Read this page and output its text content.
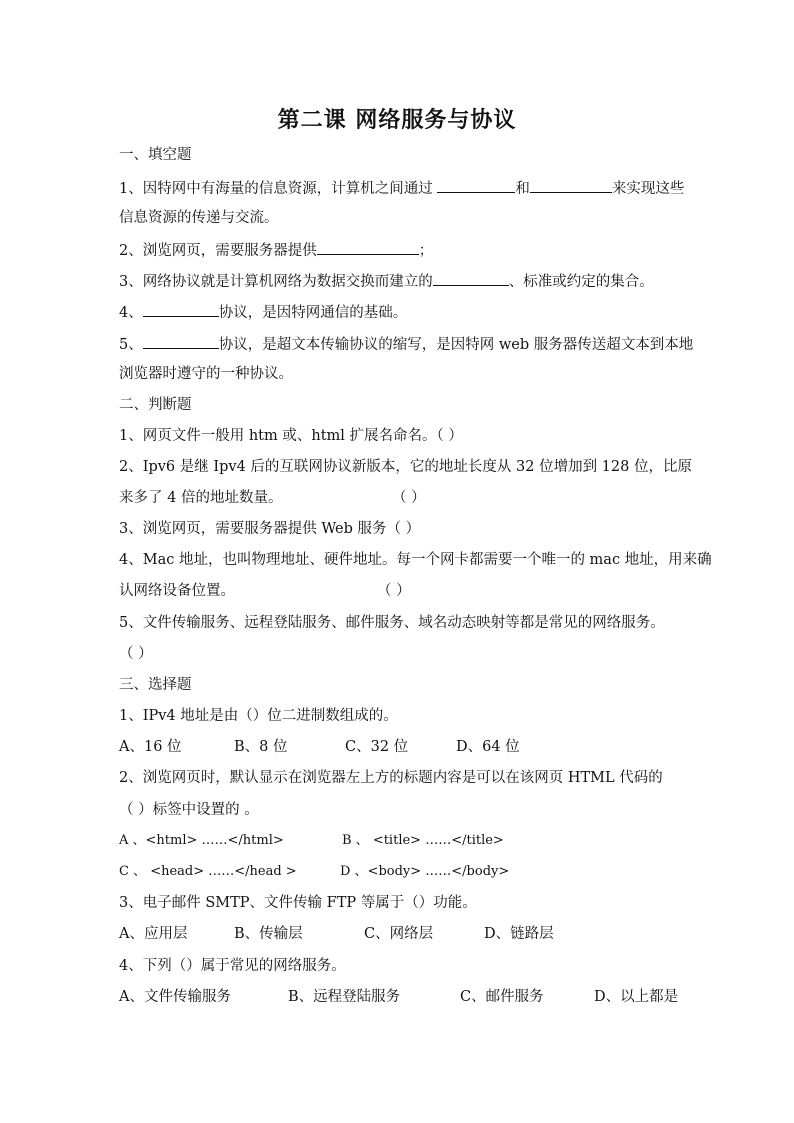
第二课 网络服务与协议
一、填空题
1、因特网中有海量的信息资源，计算机之间通过	和	来实现这些
信息资源的传递与交流。
2、浏览网页，需要服务器提供	；
3、网络协议就是计算机网络为数据交换而建立的	、标准或约定的集合。
4、	协议，是因特网通信的基础。
5、	协议，是超文本传输协议的缩写，是因特网 web 服务器传送超文本到本地
浏览器时遵守的一种协议。
二、判断题
1、网页文件一般用 htm 或、html 扩展名命名。（ ）
2、Ipv6 是继 Ipv4 后的互联网协议新版本，它的地址长度从 32 位增加到 128 位，比原
来多了 4 倍的地址数量。	（ ）
3、浏览网页，需要服务器提供 Web 服务（ ）
4、Mac 地址，也叫物理地址、硬件地址。每一个网卡都需要一个唯一的 mac 地址，用来确
认网络设备位置。	（ ）
5、文件传输服务、远程登陆服务、邮件服务、域名动态映射等都是常见的网络服务。
（ ）
三、选择题
1、IPv4 地址是由（）位二进制数组成的。
A、16 位	B、8 位	C、32 位	D、64 位
2、浏览网页时，默认显示在浏览器左上方的标题内容是可以在该网页 HTML 代码的
（ ）标签中设置的 。
A 、<html> ……</html>	B 、 <title> ……</title>
C 、 <head> ……</head >	D 、<body> ……</body>
3、电子邮件 SMTP、文件传输 FTP 等属于（）功能。
A、应用层	B、传输层	C、网络层	D、链路层
4、下列（）属于常见的网络服务。
A、文件传输服务	B、远程登陆服务	C、邮件服务	D、以上都是
